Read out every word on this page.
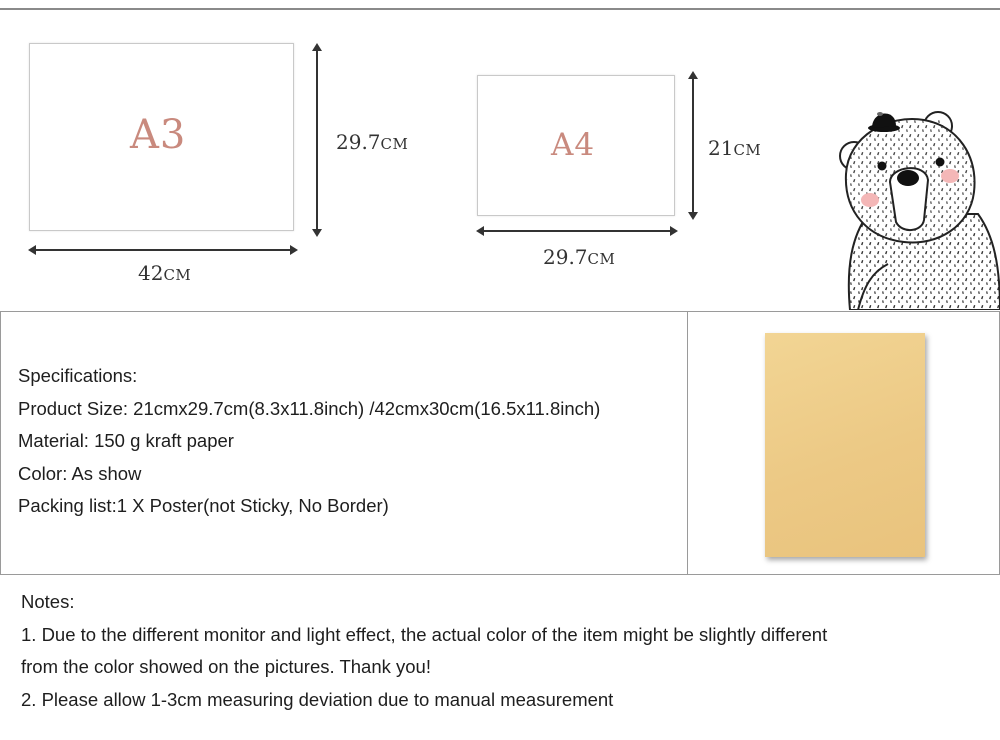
A3	29.7CM
42CM
A4	21CM
29.7CM
Specifications:
Product Size: 21cmx29.7cm(8.3x11.8inch) /42cmx30cm(16.5x11.8inch)
Material: 150 g kraft paper
Color: As show
Packing list:1 X Poster(not Sticky, No Border)
Notes:
1. Due to the different monitor and light effect, the actual color of the item might be slightly different
from the color showed on the pictures. Thank you!
2. Please allow 1-3cm measuring deviation due to manual measurement
